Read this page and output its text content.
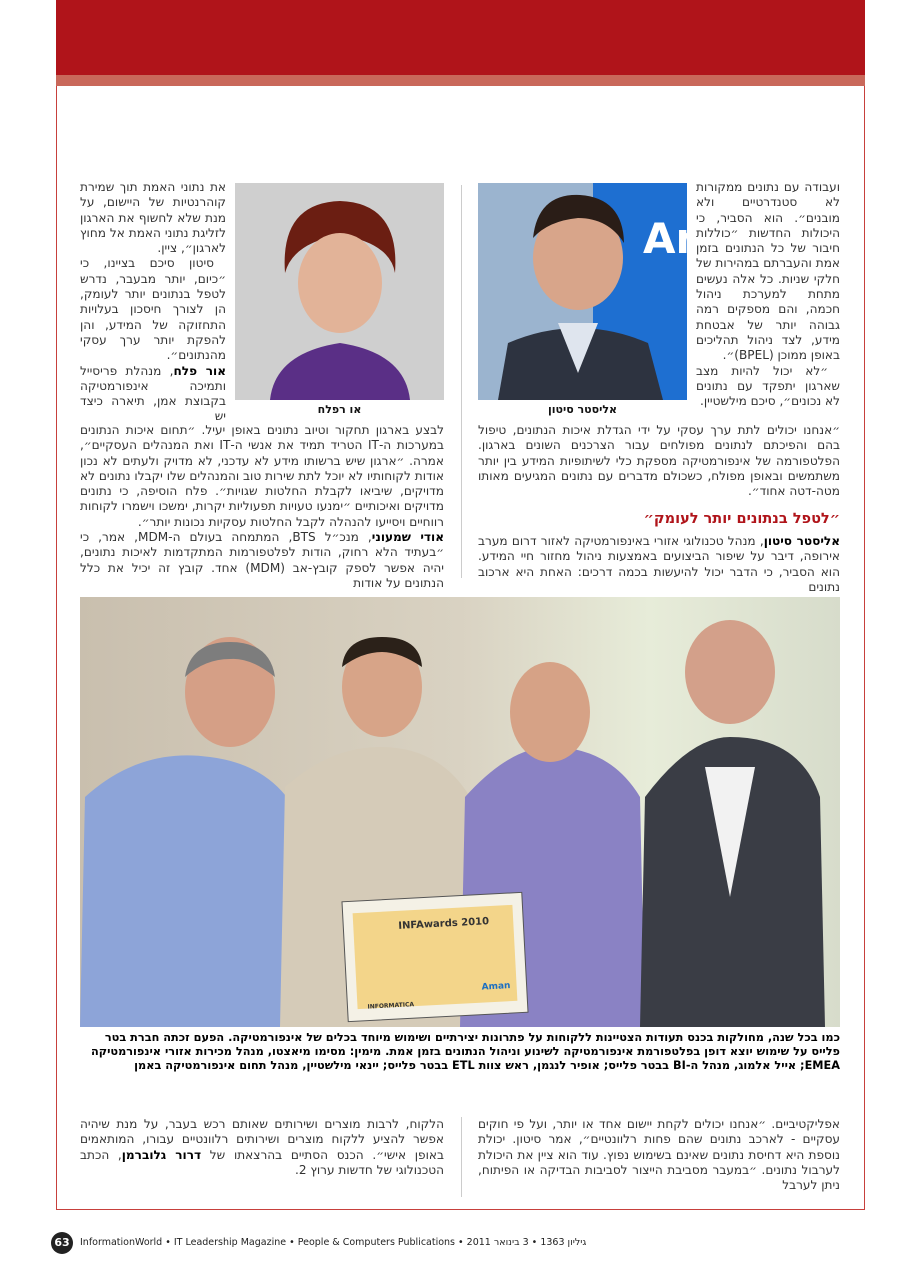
An
אליסטר סיטון
או רפלח

ועבודה עם נתונים ממקורות לא סטנדרטיים ולא מובנים״. הוא הסביר, כי היכולות החדשות ״כוללות חיבור של כל הנתונים בזמן אמת והעברתם במהירות של חלקי שניות. כל אלה נעשים מתחת למערכת ניהול חכמה, והם מספקים רמה גבוהה יותר של אבטחת מידע, לצד ניהול תהליכים באופן ממוכן (BPEL)״.

״לא יכול להיות מצב שארגון יתפקד עם נתונים לא נכונים״, סיכם מילשטיין.

״אנחנו יכולים לתת ערך עסקי על ידי הגדלת איכות הנתונים, טיפול בהם והפיכתם לנתונים מפולחים עבור הצרכנים השונים בארגון. הפלטפורמה של אינפורמטיקה מספקת כלי לשיתופיות המידע בין יותר משתמשים ובאופן מפולח, כשכולם מדברים עם נתונים המגיעים מאותו מטה-דטה אחוד״.

״לטפל בנתונים יותר לעומק״

אליסטר סיטון, מנהל טכנולוגי אזורי באינפורמטיקה לאזור דרום מערב אירופה, דיבר על שיפור הביצועים באמצעות ניהול מחזור חיי המידע. הוא הסביר, כי הדבר יכול להיעשות בכמה דרכים: האחת היא ארכוב נתונים

את נתוני האמת תוך שמירת קוהרנטיות של היישום, על מנת שלא לחשוף את הארגון לזליגת נתוני האמת אל מחוץ לארגון״, ציין.

סיטון סיכם בציינו, כי ״כיום, יותר מבעבר, נדרש לטפל בנתונים יותר לעומק, הן לצורך חיסכון בעלויות התחזוקה של המידע, והן להפקת יותר ערך עסקי מהנתונים״.

אור פלח, מנהלת פריסייל ותמיכה אינפורמטיקה בקבוצת אמן, תיארה כיצד יש

לבצע בארגון תחקור וטיוב נתונים באופן יעיל. ״תחום איכות הנתונים במערכות ה-IT הטריד תמיד את אנשי ה-IT ואת המנהלים העסקיים״, אמרה. ״ארגון שיש ברשותו מידע לא עדכני, לא מדויק ולעתים לא נכון אודות לקוחותיו לא יוכל לתת שירות טוב והמנהלים שלו יקבלו נתונים לא מדויקים, שיביאו לקבלת החלטות שגויות״. פלח הוסיפה, כי נתונים מדויקים ואיכותיים ״ימנעו טעויות תפעוליות יקרות, ימשכו וישמרו לקוחות רווחיים ויסייעו להנהלה לקבל החלטות עסקיות נכונות יותר״.

אודי שמעוני, מנכ״ל BTS, המתמחה בעולם ה-MDM, אמר, כי ״בעתיד הלא רחוק, הודות לפלטפורמות המתקדמות לאיכות נתונים, יהיה אפשר לספק קובץ-אב (MDM) אחד. קובץ זה יכיל את כלל הנתונים על אודות

INFAwards 2010
Aman
INFORMATICA
כמו בכל שנה, מחולקות בכנס תעודות הצטיינות ללקוחות על פתרונות יצירתיים ושימוש מיוחד בכלים של אינפורמטיקה. הפעם זכתה חברת בטר פלייס על שימוש יוצא דופן בפלטפורמת אינפורמטיקה לשינוע וניהול הנתונים בזמן אמת. מימין: מסימו מיאצטו, מנהל מכירות אזורי אינפורמטיקה EMEA; אייל אלמוג, מנהל ה-BI בבטר פלייס; אופיר לנגמן, ראש צוות ETL בבטר פלייס; יינאי מילשטיין, מנהל תחום אינפורמטיקה באמן

אפליקטיביים. ״אנחנו יכולים לקחת יישום אחד או יותר, ועל פי חוקים עסקיים - לארכב נתונים שהם פחות רלוונטיים״, אמר סיטון. יכולת נוספת היא דחיסת נתונים שאינם בשימוש נפוץ. עוד הוא ציין את היכולת לערבול נתונים. ״במעבר מסביבת הייצור לסביבות הבדיקה או הפיתוח, ניתן לערבל

הלקוח, לרבות מוצרים ושירותים שאותם רכש בעבר, על מנת שיהיה אפשר להציע ללקוח מוצרים ושירותים רלוונטיים עבורו, המותאמים באופן אישי״. הכנס הסתיים בהרצאתו של דרור גלוברמן, הכתב הטכנולוגי של חדשות ערוץ 2.

63	InformationWorld • IT Leadership Magazine • People & Computers Publications • 2011 גיליון 1363 • 3 בינואר
